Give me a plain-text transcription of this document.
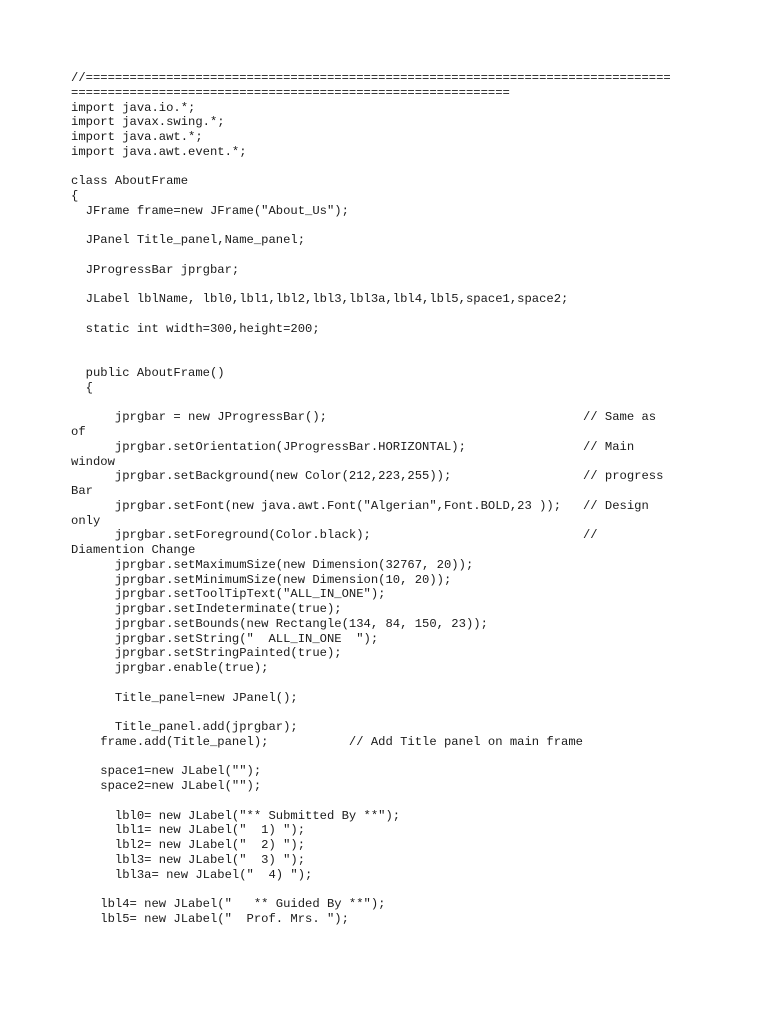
//================================================================================
============================================================
import java.io.*;
import javax.swing.*;
import java.awt.*;
import java.awt.event.*;
class AboutFrame
{
JFrame frame=new JFrame("About_Us");
JPanel Title_panel,Name_panel;
JProgressBar jprgbar;
JLabel lblName, lbl0,lbl1,lbl2,lbl3,lbl3a,lbl4,lbl5,space1,space2;
static int width=300,height=200;
public AboutFrame()
{
jprgbar = new JProgressBar();                                   // Same as
of
jprgbar.setOrientation(JProgressBar.HORIZONTAL);                // Main
window
jprgbar.setBackground(new Color(212,223,255));                  // progress
Bar
jprgbar.setFont(new java.awt.Font("Algerian",Font.BOLD,23 ));   // Design
only
jprgbar.setForeground(Color.black);                             //
Diamention Change
jprgbar.setMaximumSize(new Dimension(32767, 20));
jprgbar.setMinimumSize(new Dimension(10, 20));
jprgbar.setToolTipText("ALL_IN_ONE");
jprgbar.setIndeterminate(true);
jprgbar.setBounds(new Rectangle(134, 84, 150, 23));
jprgbar.setString("  ALL_IN_ONE  ");
jprgbar.setStringPainted(true);
jprgbar.enable(true);
Title_panel=new JPanel();
Title_panel.add(jprgbar);
frame.add(Title_panel);           // Add Title panel on main frame
space1=new JLabel("");
space2=new JLabel("");
lbl0= new JLabel("** Submitted By **");
lbl1= new JLabel("  1) ");
lbl2= new JLabel("  2) ");
lbl3= new JLabel("  3) ");
lbl3a= new JLabel("  4) ");
lbl4= new JLabel("   ** Guided By **");
lbl5= new JLabel("  Prof. Mrs. ");
